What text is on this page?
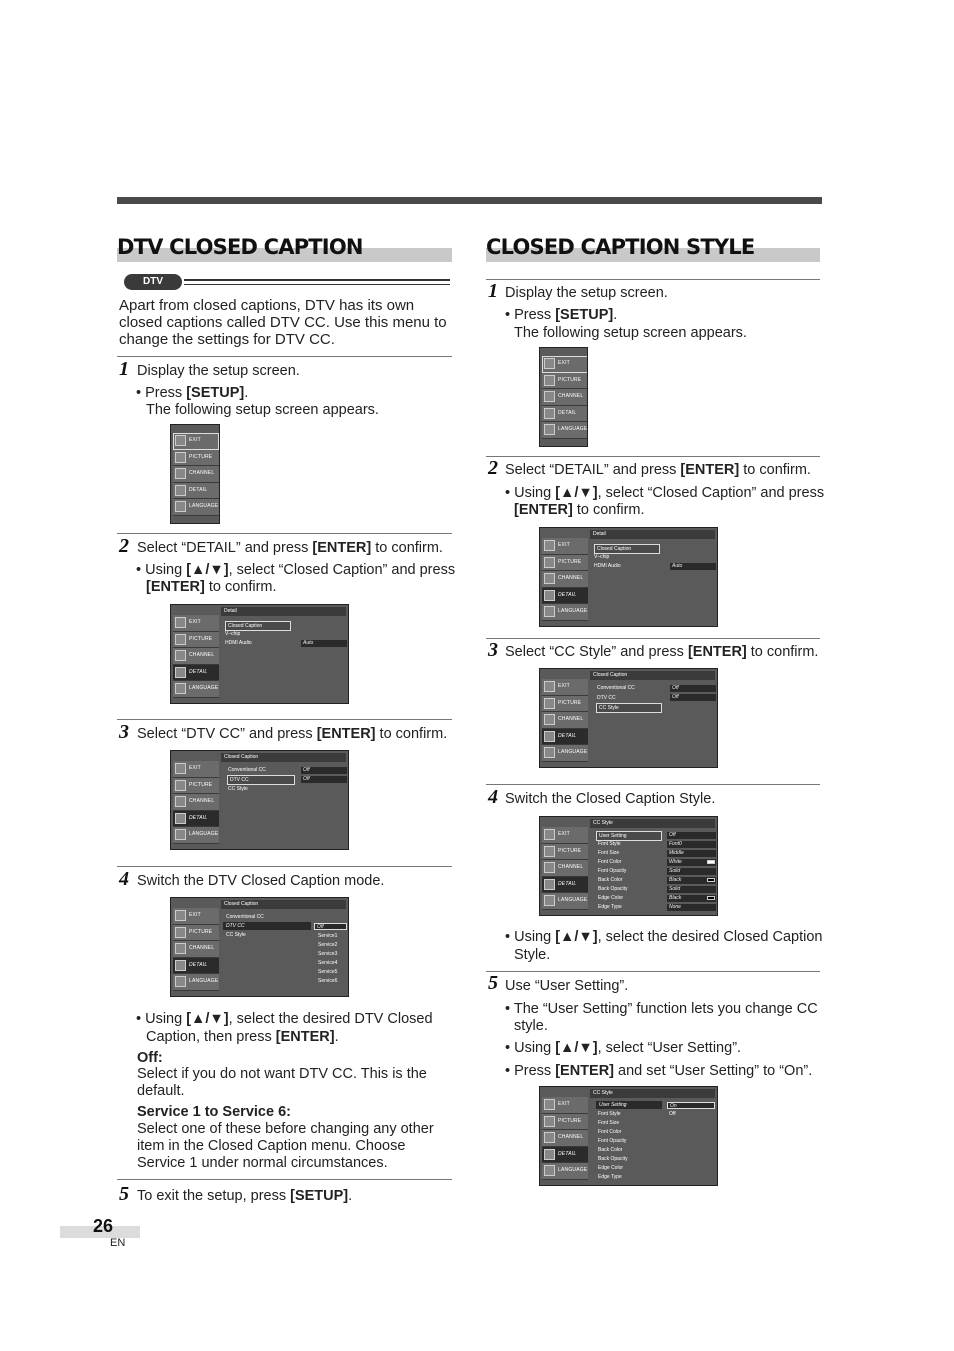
DTV CLOSED CAPTION
DTV
Apart from closed captions, DTV has its own closed captions called DTV CC. Use this menu to change the settings for DTV CC.
1 Display the setup screen.
• Press [SETUP].
The following setup screen appears.
EXIT
PICTURE
CHANNEL
DETAIL
LANGUAGE
2 Select “DETAIL” and press [ENTER] to confirm.
• Using [▲/▼], select “Closed Caption” and press
[ENTER] to confirm.
EXIT
PICTURE
CHANNEL
DETAIL
LANGUAGE
Detail
Closed Caption
V–chip
HDMI Audio	Auto
3 Select “DTV CC” and press [ENTER] to confirm.
EXIT
PICTURE
CHANNEL
DETAIL
LANGUAGE
Closed Caption
Conventional CC
DTV CC
CC Style
Off
Off
4 Switch the DTV Closed Caption mode.
EXIT
PICTURE
CHANNEL
DETAIL
LANGUAGE
Closed Caption
Conventional CC
DTV CC
CC Style
Off
Service1
Service2
Service3
Service4
Service5
Service6
• Using [▲/▼], select the desired DTV Closed
Caption, then press [ENTER].
Off:
Select if you do not want DTV CC. This is the default.
Service 1 to Service 6:
Select one of these before changing any other item in the Closed Caption menu. Choose Service 1 under normal circumstances.
5 To exit the setup, press [SETUP].
CLOSED CAPTION STYLE
1 Display the setup screen.
• Press [SETUP].
The following setup screen appears.
EXIT
PICTURE
CHANNEL
DETAIL
LANGUAGE
2 Select “DETAIL” and press [ENTER] to confirm.
• Using [▲/▼], select “Closed Caption” and press
[ENTER] to confirm.
EXIT
PICTURE
CHANNEL
DETAIL
LANGUAGE
Detail
Closed Caption
V–chip
HDMI Audio	Auto
3 Select “CC Style” and press [ENTER] to confirm.
EXIT
PICTURE
CHANNEL
DETAIL
LANGUAGE
Closed Caption
Conventional CC
DTV CC
CC Style
Off
Off
4 Switch the Closed Caption Style.
EXIT
PICTURE
CHANNEL
DETAIL
LANGUAGE
CC Style
User Setting
Font Style
Font Size
Font Color
Font Opacity
Back Color
Back Opacity
Edge Color
Edge Type
Off
Font0
Middle
White
Solid
Black
Solid
Black
None
• Using [▲/▼], select the desired Closed Caption
Style.
5 Use “User Setting”.
• The “User Setting” function lets you change CC
style.
• Using [▲/▼], select “User Setting”.
• Press [ENTER] and set “User Setting” to “On”.
EXIT
PICTURE
CHANNEL
DETAIL
LANGUAGE
CC Style
User Setting
Font Style
Font Size
Font Color
Font Opacity
Back Color
Back Opacity
Edge Color
Edge Type
On
Off
26
EN
